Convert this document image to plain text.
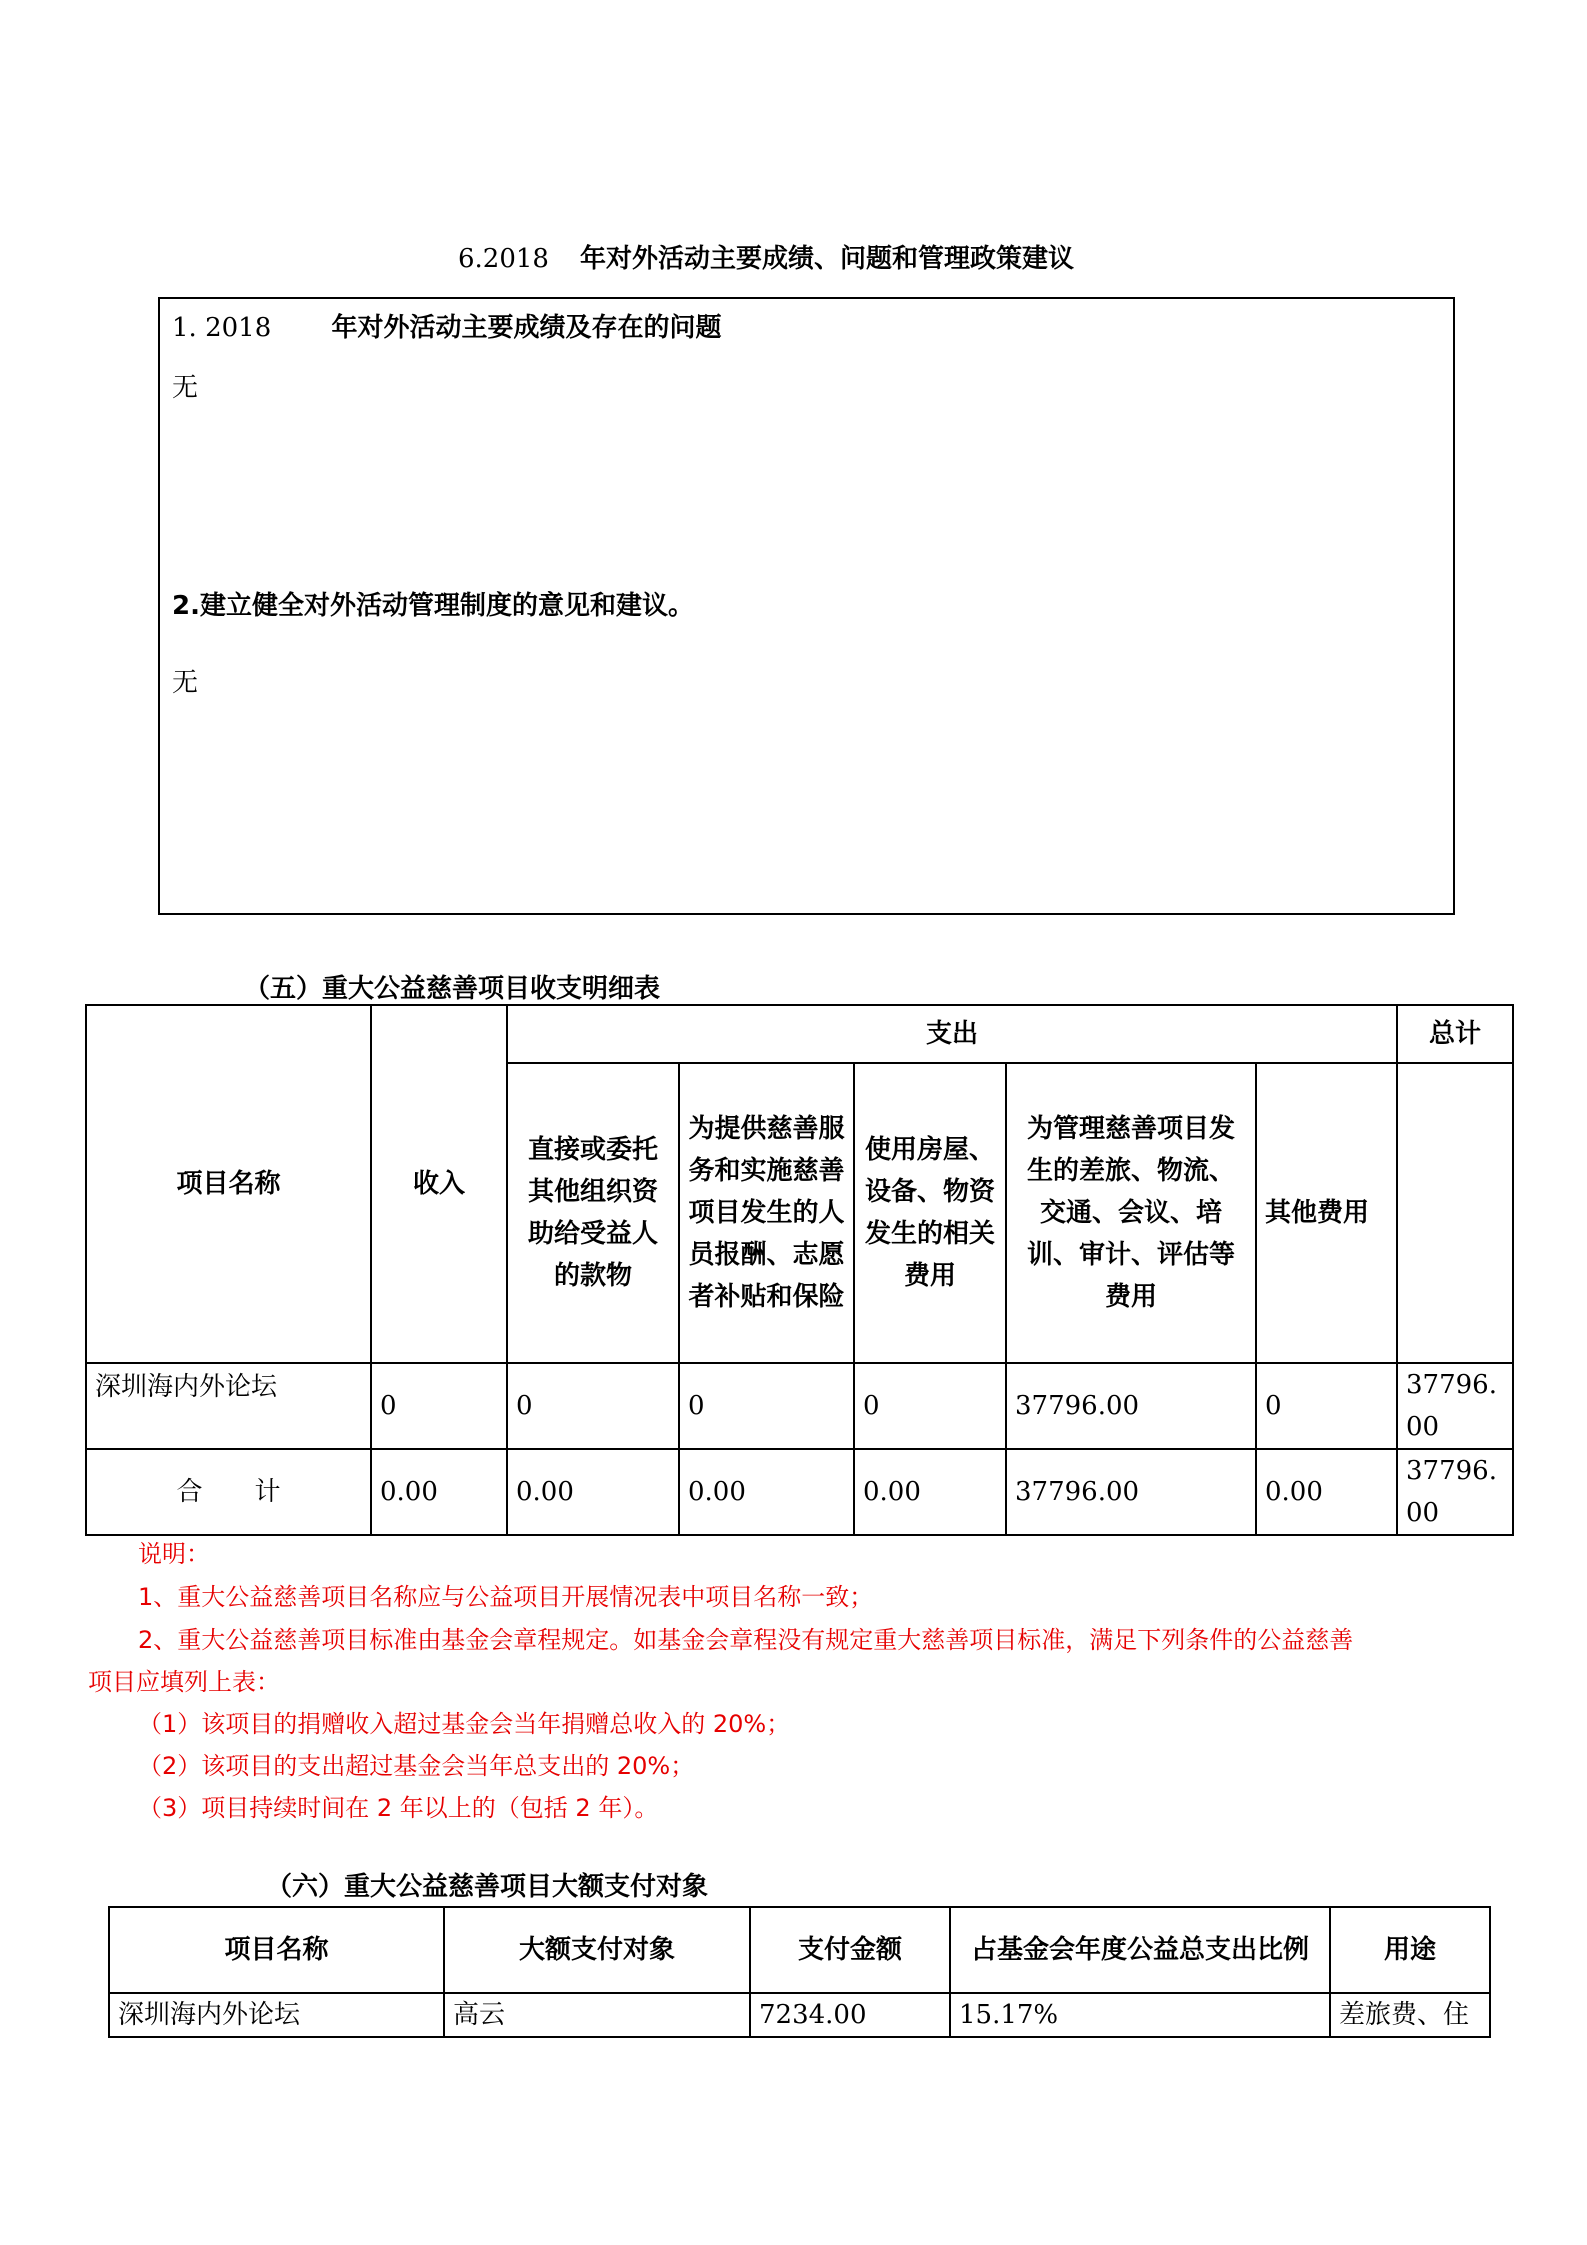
6.2018 年对外活动主要成绩、问题和管理政策建议
1. 2018 年对外活动主要成绩及存在的问题
无
2.建立健全对外活动管理制度的意见和建议。
无
（五）重大公益慈善项目收支明细表
项目名称	收入	支出					总计
		直接或委托其他组织资助给受益人的款物	为提供慈善服务和实施慈善项目发生的人员报酬、志愿者补贴和保险	使用房屋、设备、物资发生的相关费用	为管理慈善项目发生的差旅、物流、交通、会议、培训、审计、评估等费用	其他费用	
深圳海内外论坛	0	0	0	0	37796.00	0	37796.00
合　　计	0.00	0.00	0.00	0.00	37796.00	0.00	37796.00
说明：
1、重大公益慈善项目名称应与公益项目开展情况表中项目名称一致；
2、重大公益慈善项目标准由基金会章程规定。如基金会章程没有规定重大慈善项目标准，满足下列条件的公益慈善
项目应填列上表：
（1）该项目的捐赠收入超过基金会当年捐赠总收入的 20%；
（2）该项目的支出超过基金会当年总支出的 20%；
（3）项目持续时间在 2 年以上的（包括 2 年）。
（六）重大公益慈善项目大额支付对象
项目名称	大额支付对象	支付金额	占基金会年度公益总支出比例	用途
深圳海内外论坛	高云	7234.00	15.17%	差旅费、住
